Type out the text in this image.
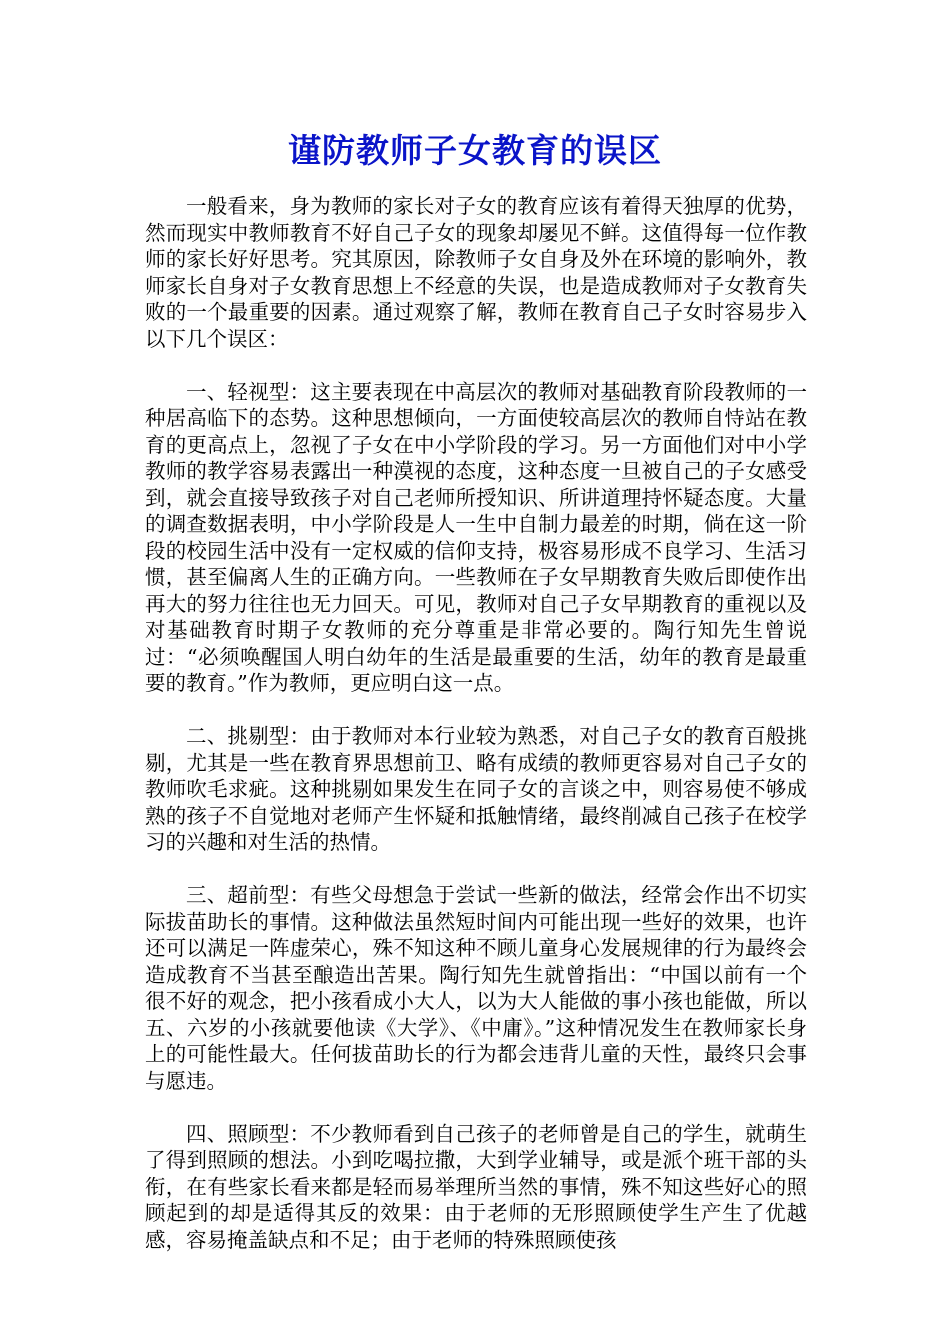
谨防教师子女教育的误区

一般看来，身为教师的家长对子女的教育应该有着得天独厚的优势，然而现实中教师教育不好自己子女的现象却屡见不鲜。这值得每一位作教师的家长好好思考。究其原因，除教师子女自身及外在环境的影响外，教师家长自身对子女教育思想上不经意的失误，也是造成教师对子女教育失败的一个最重要的因素。通过观察了解，教师在教育自己子女时容易步入以下几个误区：

一、轻视型：这主要表现在中高层次的教师对基础教育阶段教师的一种居高临下的态势。这种思想倾向，一方面使较高层次的教师自恃站在教育的更高点上，忽视了子女在中小学阶段的学习。另一方面他们对中小学教师的教学容易表露出一种漠视的态度，这种态度一旦被自己的子女感受到，就会直接导致孩子对自己老师所授知识、所讲道理持怀疑态度。大量的调查数据表明，中小学阶段是人一生中自制力最差的时期，倘在这一阶段的校园生活中没有一定权威的信仰支持，极容易形成不良学习、生活习惯，甚至偏离人生的正确方向。一些教师在子女早期教育失败后即使作出再大的努力往往也无力回天。可见，教师对自己子女早期教育的重视以及对基础教育时期子女教师的充分尊重是非常必要的。陶行知先生曾说过：“必须唤醒国人明白幼年的生活是最重要的生活，幼年的教育是最重要的教育。”作为教师，更应明白这一点。

二、挑剔型：由于教师对本行业较为熟悉，对自己子女的教育百般挑剔，尤其是一些在教育界思想前卫、略有成绩的教师更容易对自己子女的教师吹毛求疵。这种挑剔如果发生在同子女的言谈之中，则容易使不够成熟的孩子不自觉地对老师产生怀疑和抵触情绪，最终削减自己孩子在校学习的兴趣和对生活的热情。

三、超前型：有些父母想急于尝试一些新的做法，经常会作出不切实际拔苗助长的事情。这种做法虽然短时间内可能出现一些好的效果，也许还可以满足一阵虚荣心，殊不知这种不顾儿童身心发展规律的行为最终会造成教育不当甚至酿造出苦果。陶行知先生就曾指出：“中国以前有一个很不好的观念，把小孩看成小大人，以为大人能做的事小孩也能做，所以五、六岁的小孩就要他读《大学》、《中庸》。”这种情况发生在教师家长身上的可能性最大。任何拔苗助长的行为都会违背儿童的天性，最终只会事与愿违。

四、照顾型：不少教师看到自己孩子的老师曾是自己的学生，就萌生了得到照顾的想法。小到吃喝拉撒，大到学业辅导，或是派个班干部的头衔，在有些家长看来都是轻而易举理所当然的事情，殊不知这些好心的照顾起到的却是适得其反的效果：由于老师的无形照顾使学生产生了优越感，容易掩盖缺点和不足；由于老师的特殊照顾使孩
